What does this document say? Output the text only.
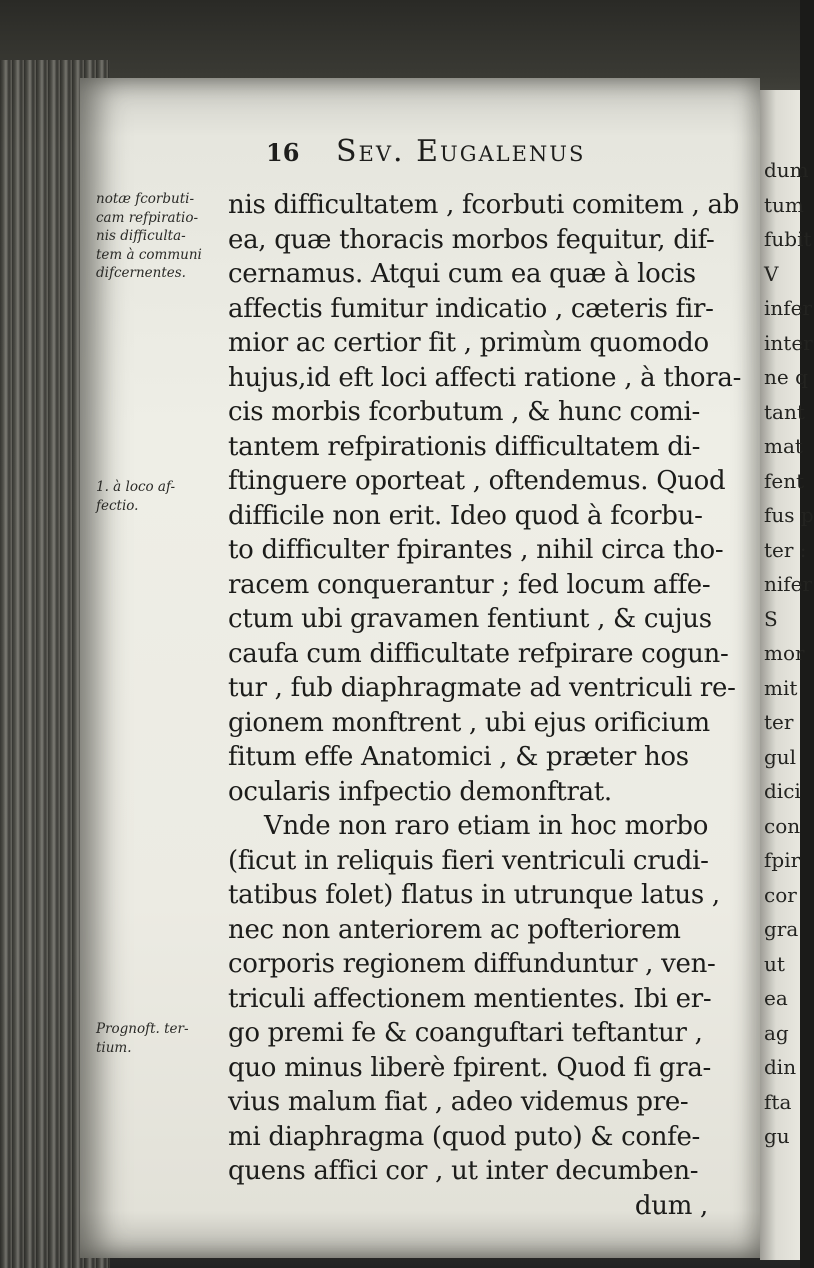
dum
tum
fubit
V
infer
inter
ne q
tant
mat
fent
fus p
ter :
nifer
S
mor
mit
ter
gul
dici
con
fpir
cor
gra
ut
ea
ag
din
fta
gu
16 Sev. Eugalenus
notæ fcorbuti-
cam refpiratio-
nis difficulta-
tem à communi
difcernentes.
1. à loco af-
fectio.
Prognoft. ter-
tium.
nis difficultatem , fcorbuti comitem , ab
ea, quæ thoracis morbos fequitur, dif-
cernamus. Atqui cum ea quæ à locis
affectis fumitur indicatio , cæteris fir-
mior ac certior fit , primùm quomodo
hujus,id eft loci affecti ratione , à thora-
cis morbis fcorbutum , & hunc comi-
tantem refpirationis difficultatem di-
ftinguere oporteat , oftendemus. Quod
difficile non erit. Ideo quod à fcorbu-
to difficulter fpirantes , nihil circa tho-
racem conquerantur ; fed locum affe-
ctum ubi gravamen fentiunt , & cujus
caufa cum difficultate refpirare cogun-
tur , fub diaphragmate ad ventriculi re-
gionem monftrent , ubi ejus orificium
fitum effe Anatomici , & præter hos
ocularis infpectio demonftrat.
Vnde non raro etiam in hoc morbo
(ficut in reliquis fieri ventriculi crudi-
tatibus folet) flatus in utrunque latus ,
nec non anteriorem ac pofteriorem
corporis regionem diffunduntur , ven-
triculi affectionem mentientes. Ibi er-
go premi fe & coanguftari teftantur ,
quo minus liberè fpirent. Quod fi gra-
vius malum fiat , adeo videmus pre-
mi diaphragma (quod puto) & confe-
quens affici cor , ut inter decumben-
dum ,
